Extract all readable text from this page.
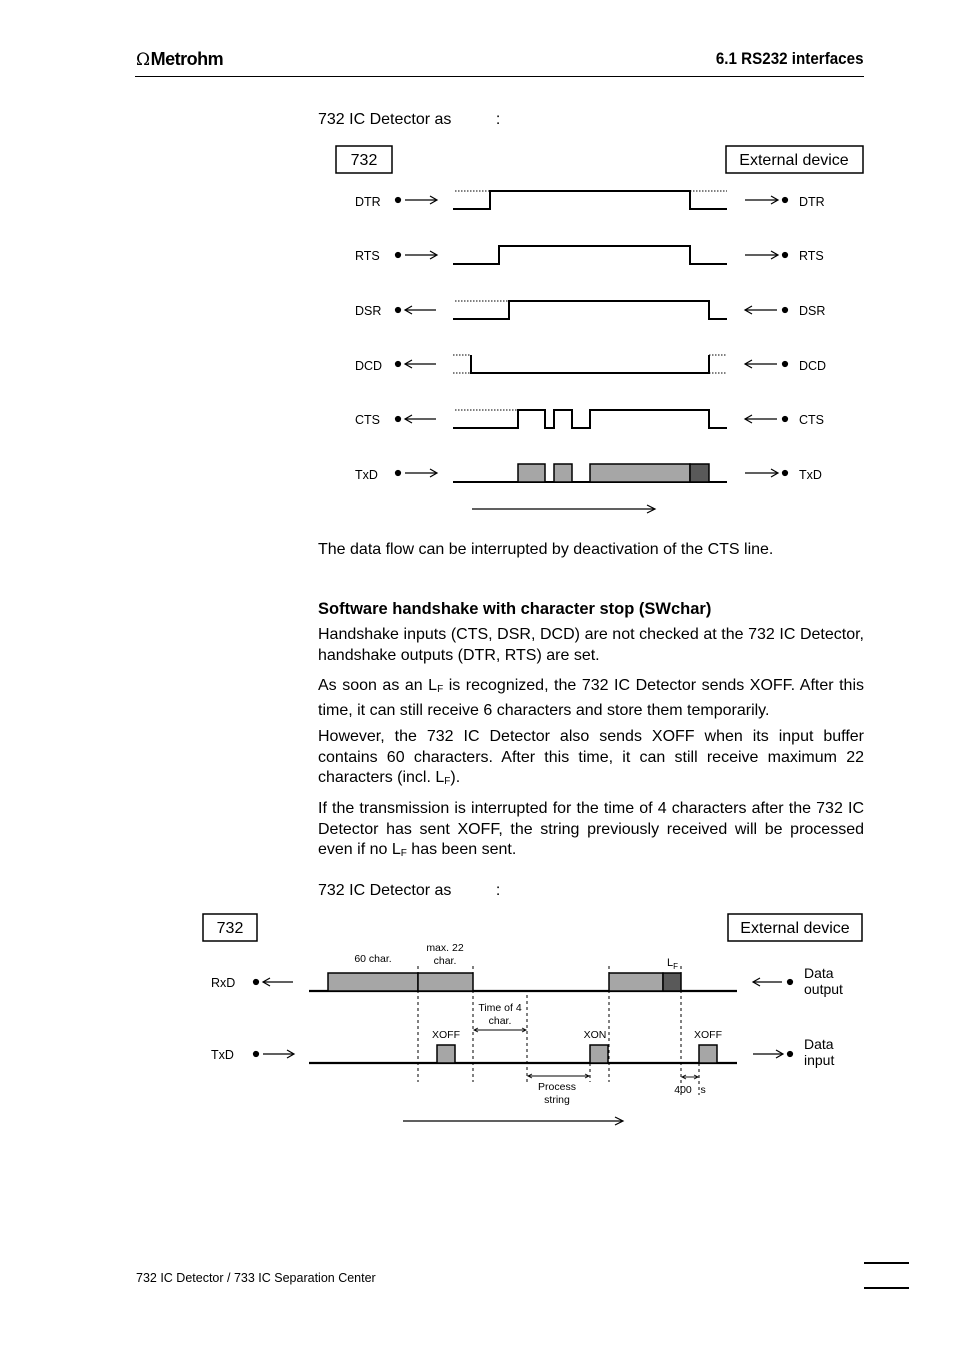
ΩMetrohm	6.1 RS232 interfaces
732 IC Detector as          :
732	External device
DTR
RTS
DSR
DCD
CTS
TxD
DTR
RTS
DSR
DCD
CTS
TxD
732	External device
RxD
TxD
Data
output
Data
input
60 char.
max. 22
char.
Time of 4
char.
XOFF	XON	XOFF
Process
string
400   s
$L_F$
The data flow can be interrupted by deactivation of the CTS line.
Software handshake with character stop (SWchar)
Handshake inputs (CTS, DSR, DCD) are not checked at the 732 IC Detector, handshake outputs (DTR, RTS) are set.
As soon as an $L_F$ is recognized, the 732 IC Detector sends XOFF. After this time, it can still receive 6 characters and store them temporarily.
However, the 732 IC Detector also sends XOFF when its input buffer contains 60 characters. After this time, it can still receive maximum 22 characters (incl. $L_F$).
If the transmission is interrupted for the time of 4 characters after the 732 IC Detector has sent XOFF, the string previously received will be processed even if no $L_F$ has been sent.
732 IC Detector as          :
732 IC Detector / 733 IC Separation Center
